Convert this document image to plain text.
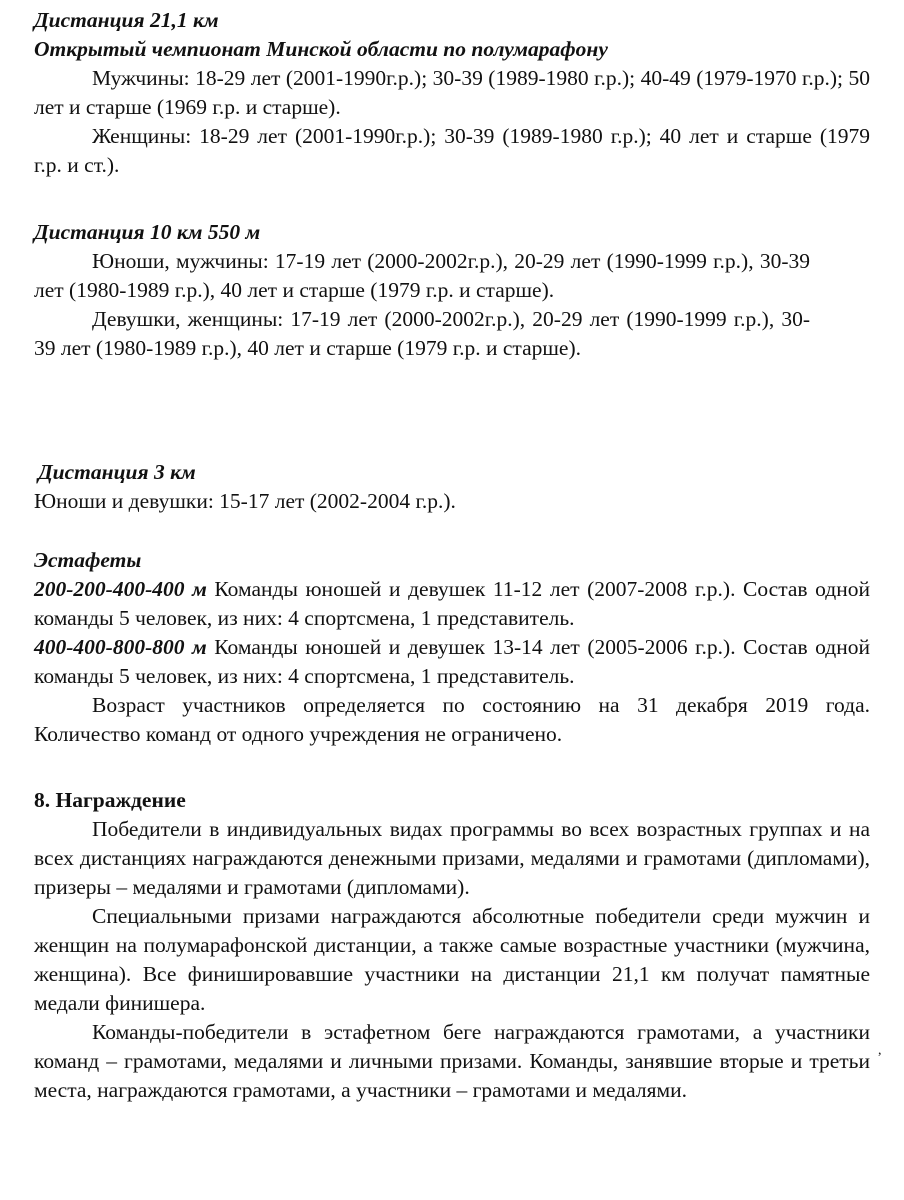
Дистанция 21,1 км
Открытый чемпионат Минской области по полумарафону

Мужчины: 18-29 лет (2001-1990г.р.); 30-39 (1989-1980 г.р.); 40-49 (1979-1970 г.р.); 50 лет и старше (1969 г.р. и старше).

Женщины: 18-29 лет (2001-1990г.р.); 30-39 (1989-1980 г.р.); 40 лет и старше (1979 г.р. и ст.).

Дистанция 10 км 550 м

Юноши, мужчины: 17-19 лет (2000-2002г.р.), 20-29 лет (1990-1999 г.р.), 30-39 лет (1980-1989 г.р.), 40 лет и старше (1979 г.р. и старше).

Девушки, женщины: 17-19 лет (2000-2002г.р.), 20-29 лет (1990-1999 г.р.), 30-39 лет (1980-1989 г.р.), 40 лет и старше (1979 г.р. и старше).

Дистанция 3 км

Юноши и девушки: 15-17 лет (2002-2004 г.р.).

Эстафеты

200-200-400-400 м Команды юношей и девушек 11-12 лет (2007-2008 г.р.). Состав одной команды 5 человек, из них: 4 спортсмена, 1 представитель.

400-400-800-800 м Команды юношей и девушек 13-14 лет (2005-2006 г.р.). Состав одной команды 5 человек, из них: 4 спортсмена, 1 представитель.

Возраст участников определяется по состоянию на 31 декабря 2019 года. Количество команд от одного учреждения не ограничено.

8. Награждение

Победители в индивидуальных видах программы во всех возрастных группах и на всех дистанциях награждаются денежными призами, медалями и грамотами (дипломами), призеры – медалями и грамотами (дипломами).

Специальными призами награждаются абсолютные победители среди мужчин и женщин на полумарафонской дистанции, а также самые возрастные участники (мужчина, женщина). Все финишировавшие участники на дистанции 21,1 км получат памятные медали финишера.

Команды-победители в эстафетном беге награждаются грамотами, а участники команд – грамотами, медалями и личными призами. Команды, занявшие вторые и третьи места, награждаются грамотами, а участники – грамотами и медалями.

,
